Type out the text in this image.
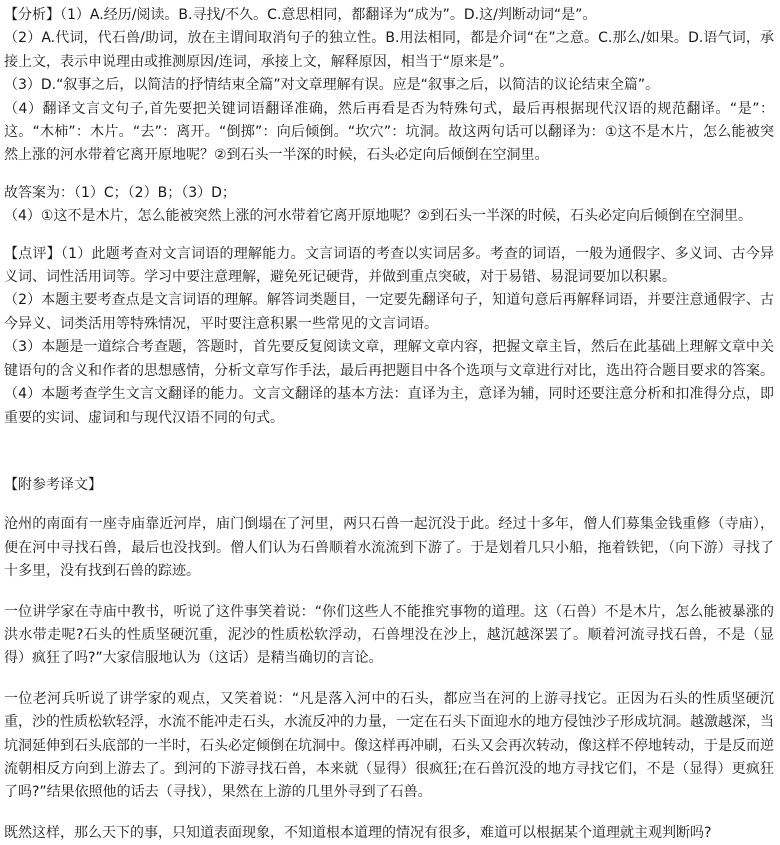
【分析】（1）A.经历/阅读。B.寻找/不久。C.意思相同，都翻译为“成为”。D.这/判断动词“是”。
（2）A.代词，代石兽/助词，放在主谓间取消句子的独立性。B.用法相同，都是介词“在”之意。C.那么/如果。D.语气词，承接上文，表示申说理由或推测原因/连词，承接上文，解释原因，相当于“原来是”。
（3）D.“叙事之后，以简洁的抒情结束全篇”对文章理解有误。应是“叙事之后，以简洁的议论结束全篇”。
（4）翻译文言文句子,首先要把关键词语翻译准确，然后再看是否为特殊句式，最后再根据现代汉语的规范翻译。“是”：这。“木柿”：木片。“去”：离开。“倒掷”：向后倾倒。“坎穴”：坑洞。故这两句话可以翻译为：①这不是木片，怎么能被突然上涨的河水带着它离开原地呢？②到石头一半深的时候，石头必定向后倾倒在空洞里。
故答案为：（1）C；（2）B；（3）D；
（4）①这不是木片，怎么能被突然上涨的河水带着它离开原地呢？②到石头一半深的时候，石头必定向后倾倒在空洞里。
【点评】（1）此题考查对文言词语的理解能力。文言词语的考查以实词居多。考查的词语，一般为通假字、多义词、古今异义词、词性活用词等。学习中要注意理解，避免死记硬背，并做到重点突破，对于易错、易混词要加以积累。
（2）本题主要考查点是文言词语的理解。解答词类题目，一定要先翻译句子，知道句意后再解释词语，并要注意通假字、古今异义、词类活用等特殊情况，平时要注意积累一些常见的文言词语。
（3）本题是一道综合考查题，答题时，首先要反复阅读文章，理解文章内容，把握文章主旨，然后在此基础上理解文章中关键语句的含义和作者的思想感情，分析文章写作手法，最后再把题目中各个选项与文章进行对比，选出符合题目要求的答案。
（4）本题考查学生文言文翻译的能力。文言文翻译的基本方法：直译为主，意译为辅，同时还要注意分析和扣准得分点，即重要的实词、虚词和与现代汉语不同的句式。
【附参考译文】
沧州的南面有一座寺庙靠近河岸，庙门倒塌在了河里，两只石兽一起沉没于此。经过十多年，僧人们募集金钱重修（寺庙），便在河中寻找石兽，最后也没找到。僧人们认为石兽顺着水流流到下游了。于是划着几只小船，拖着铁钯，（向下游）寻找了十多里，没有找到石兽的踪迹。
一位讲学家在寺庙中教书，听说了这件事笑着说：“你们这些人不能推究事物的道理。这（石兽）不是木片，怎么能被暴涨的洪水带走呢?石头的性质坚硬沉重，泥沙的性质松软浮动，石兽埋没在沙上，越沉越深罢了。顺着河流寻找石兽，不是（显得）疯狂了吗?”大家信服地认为（这话）是精当确切的言论。
一位老河兵听说了讲学家的观点，又笑着说：“凡是落入河中的石头，都应当在河的上游寻找它。正因为石头的性质坚硬沉重，沙的性质松软轻浮，水流不能冲走石头，水流反冲的力量，一定在石头下面迎水的地方侵蚀沙子形成坑洞。越激越深，当坑洞延伸到石头底部的一半时，石头必定倾倒在坑洞中。像这样再冲刷，石头又会再次转动，像这样不停地转动，于是反而逆流朝相反方向到上游去了。到河的下游寻找石兽，本来就（显得）很疯狂;在石兽沉没的地方寻找它们，不是（显得）更疯狂了吗?”结果依照他的话去（寻找），果然在上游的几里外寻到了石兽。
既然这样，那么天下的事，只知道表面现象，不知道根本道理的情况有很多，难道可以根据某个道理就主观判断吗?
